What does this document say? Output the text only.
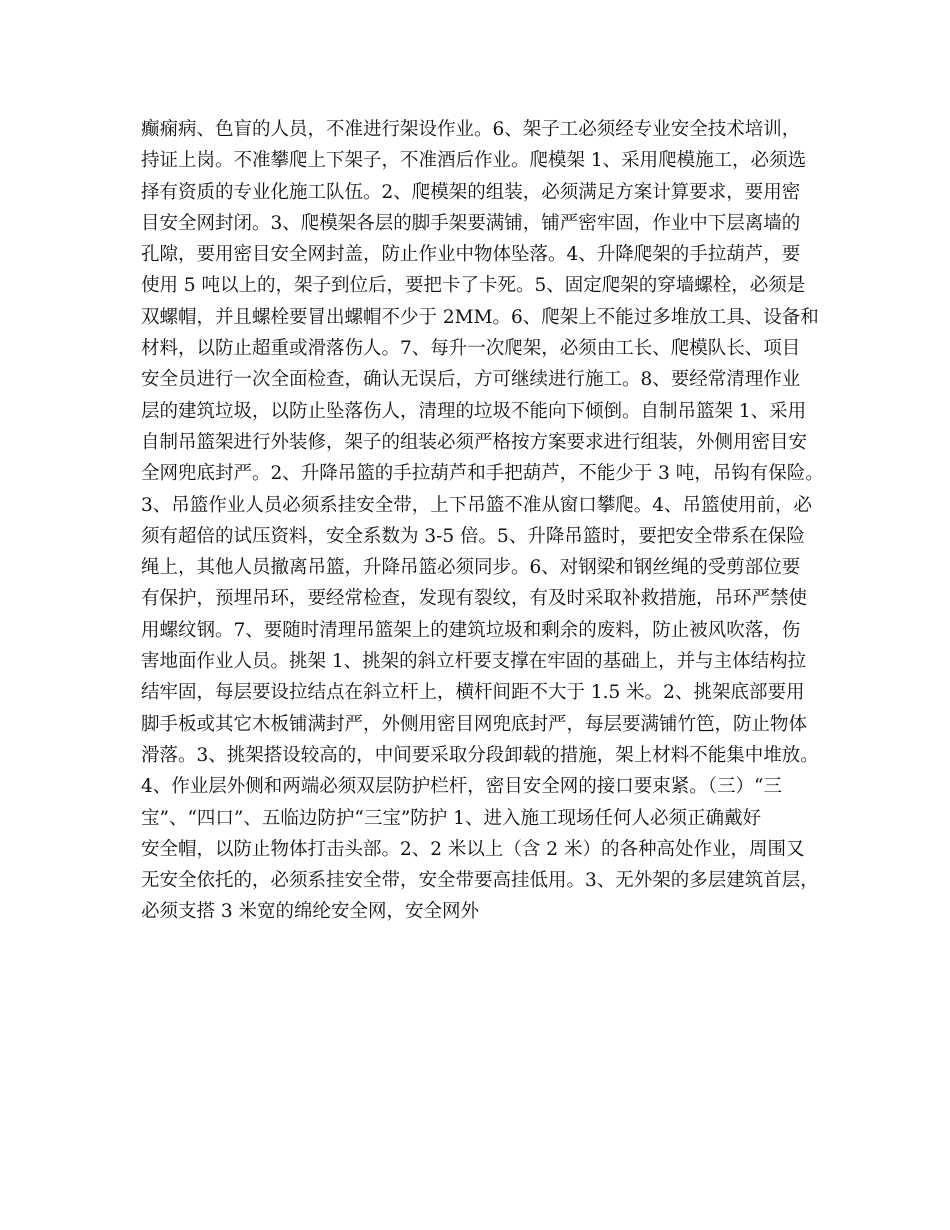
癫痫病、色盲的人员，不准进行架设作业。6、架子工必须经专业安全技术培训，

持证上岗。不准攀爬上下架子，不准酒后作业。爬模架 1、采用爬模施工，必须选

择有资质的专业化施工队伍。2、爬模架的组装，必须满足方案计算要求，要用密

目安全网封闭。3、爬模架各层的脚手架要满铺，铺严密牢固，作业中下层离墙的

孔隙，要用密目安全网封盖，防止作业中物体坠落。4、升降爬架的手拉葫芦，要

使用 5 吨以上的，架子到位后，要把卡了卡死。5、固定爬架的穿墙螺栓，必须是

双螺帽，并且螺栓要冒出螺帽不少于 2MM。6、爬架上不能过多堆放工具、设备和

材料，以防止超重或滑落伤人。7、每升一次爬架，必须由工长、爬模队长、项目

安全员进行一次全面检查，确认无误后，方可继续进行施工。8、要经常清理作业

层的建筑垃圾，以防止坠落伤人，清理的垃圾不能向下倾倒。自制吊篮架 1、采用

自制吊篮架进行外装修，架子的组装必须严格按方案要求进行组装，外侧用密目安

全网兜底封严。2、升降吊篮的手拉葫芦和手把葫芦，不能少于 3 吨，吊钩有保险。

3、吊篮作业人员必须系挂安全带，上下吊篮不准从窗口攀爬。4、吊篮使用前，必

须有超倍的试压资料，安全系数为 3-5 倍。5、升降吊篮时，要把安全带系在保险

绳上，其他人员撤离吊篮，升降吊篮必须同步。6、对钢梁和钢丝绳的受剪部位要

有保护，预埋吊环，要经常检查，发现有裂纹，有及时采取补救措施，吊环严禁使

用螺纹钢。7、要随时清理吊篮架上的建筑垃圾和剩余的废料，防止被风吹落，伤

害地面作业人员。挑架 1、挑架的斜立杆要支撑在牢固的基础上，并与主体结构拉

结牢固，每层要设拉结点在斜立杆上，横杆间距不大于 1.5 米。2、挑架底部要用

脚手板或其它木板铺满封严，外侧用密目网兜底封严，每层要满铺竹笆，防止物体

滑落。3、挑架搭设较高的，中间要采取分段卸载的措施，架上材料不能集中堆放。

4、作业层外侧和两端必须双层防护栏杆，密目安全网的接口要束紧。（三）“三

宝”、“四口”、五临边防护“三宝”防护 1、进入施工现场任何人必须正确戴好

安全帽，以防止物体打击头部。2、2 米以上（含 2 米）的各种高处作业，周围又

无安全依托的，必须系挂安全带，安全带要高挂低用。3、无外架的多层建筑首层，

必须支搭 3 米宽的绵纶安全网，安全网外
